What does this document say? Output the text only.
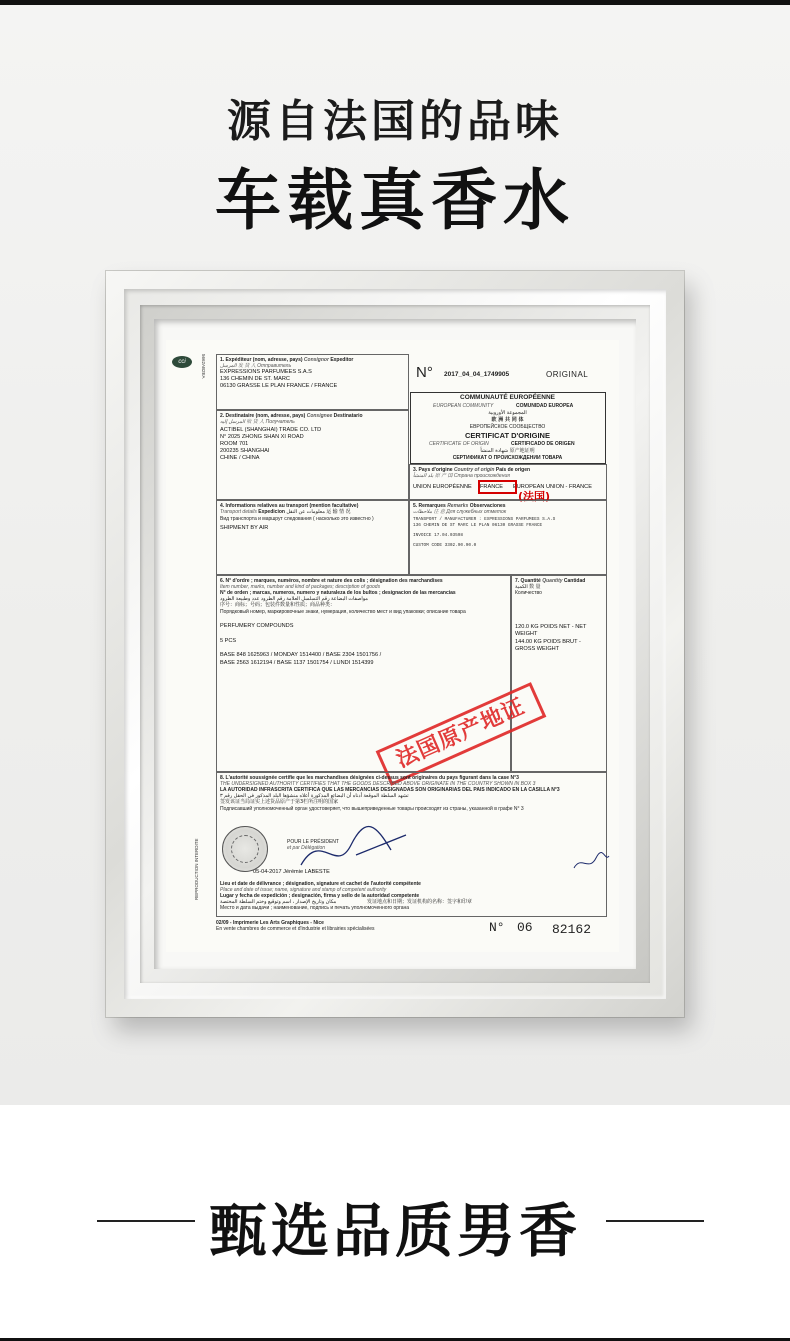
源自法国的品味
车载真香水
cci	5662AB2EA
REPRODUCTION INTERDITE
1. Expéditeur (nom, adresse, pays) Consignor Expeditor
المرسل 发 货 人 Отправитель
EXPRESSIONS PARFUMEES S.A.S
136 CHEMIN DE ST. MARC
06130 GRASSE LE PLAN FRANCE / FRANCE
N° 2017_04_04_1749905	ORIGINAL
COMMUNAUTÉ EUROPÉENNE
EUROPEAN COMMUNITY	COMUNIDAD EUROPEA
المجموعة الأوروبية
欧 洲 共 同 体
ЕВРОПЕЙСКОЕ СООБЩЕСТВО
CERTIFICAT D'ORIGINE
CERTIFICATE OF ORIGIN	CERTIFICADO DE ORIGEN
شهادة المنشأ 原产地证明
СЕРТИФИКАТ О ПРОИСХОЖДЕНИИ ТОВАРА
2. Destinataire (nom, adresse, pays) Consignee Destinatario
المرسل إليه 收 货 人 Получатель
ACTIBEL (SHANGHAI) TRADE CO. LTD
N° 2025 ZHONG SHAN XI ROAD
ROOM 701
200235 SHANGHAI
CHINE / CHINA
3. Pays d'origine Country of origin País de origen
بلد المنشأ 原 产 国 Страна происхождения
UNION EUROPÉENNE FRANCE EUROPEAN UNION - FRANCE
(法国)
4. Informations relatives au transport (mention facultative)
Transport details Expedicion معلومات عن النقل 运 输 情 况
Вид транспорта и маршрут следования ( насколько это известно )
SHIPMENT BY AIR
5. Remarques Remarks Observaciones
ملاحظات 注 意 Для служебных отметок
TRANSPORT / MANUFACTURER : EXPRESSIONS PARFUMEES S.A.S
136 CHEMIN DE ST MARC LE PLAN 06130 GRASSE FRANCE
INVOICE 17.04.03598
CUSTOM CODE 3302.90.90.0
6. N° d'ordre ; marques, numéros, nombre et nature des colis ; désignation des marchandises
Item number, marks, number and kind of packages; description of goods
N° de orden ; marcas, numeros, numero y naturaleza de los bultos ; designacion de las mercancias
مواصفات البضاعة رقم التسلسل العلامة رقم الطرود عدد وطبيعة الطرود
序号：商标；号码；包装件数量和性质；商品种类：
Порядковый номер, маркировочные знаки, нумерация, количество мест и вид упаковки; описание товара
PERFUMERY COMPOUNDS
5 PCS
BASE 848 1625963 / MONDAY 1514400 / BASE 2304 1501756 /
BASE 2563 1612194 / BASE 1137 1501754 / LUNDI 1514399
7. Quantité Quantity Cantidad
الكمية 数 量
Количество
120.0 KG POIDS NET - NET
WEIGHT
144.00 KG POIDS BRUT -
GROSS WEIGHT
法国原产地证
8. L'autorité soussignée certifie que les marchandises désignées ci-dessus sont originaires du pays figurant dans la case N°3
THE UNDERSIGNED AUTHORITY CERTIFIES THAT THE GOODS DESCRIBED ABOVE ORIGINATE IN THE COUNTRY SHOWN IN BOX 3
LA AUTORIDAD INFRASCRITA CERTIFICA QUE LAS MERCANCIAS DESIGNADAS SON ORIGINARIAS DEL PAIS INDICADO EN LA CASILLA N°3
تشهد السلطة الموقعة أدناه أن البضائع المذكورة أعلاه منشؤها البلد المذكور في الحقل رقم ٣
签发该证当局证实上述货品原产于第3栏所注明的国家
Подписавший уполномоченный орган удостоверяет, что вышеприведенные товары происходят из страны, указанной в графе N° 3
POUR LE PRÉSIDENT
et par Délégation
05-04-2017 Jérémie LABESTE
Lieu et date de délivrance ; désignation, signature et cachet de l'autorité compétente
Place and date of issue; name, signature and stamp of competent authority
Lugar y fecha de expedición ; designación, firma y sello de la autoridad competente
مكان وتاريخ الإصدار ، اسم وتوقيع وختم السلطة المختصة	发证地点和日期；发证机构的名称：签字和印章
Место и дата выдачи ; наименование, подпись и печать уполномоченного органа
02/09 - Imprimerie Les Arts Graphiques - Nice
En vente chambres de commerce et d'industrie et librairies spécialisées	N° 06 82162
甄选品质男香
